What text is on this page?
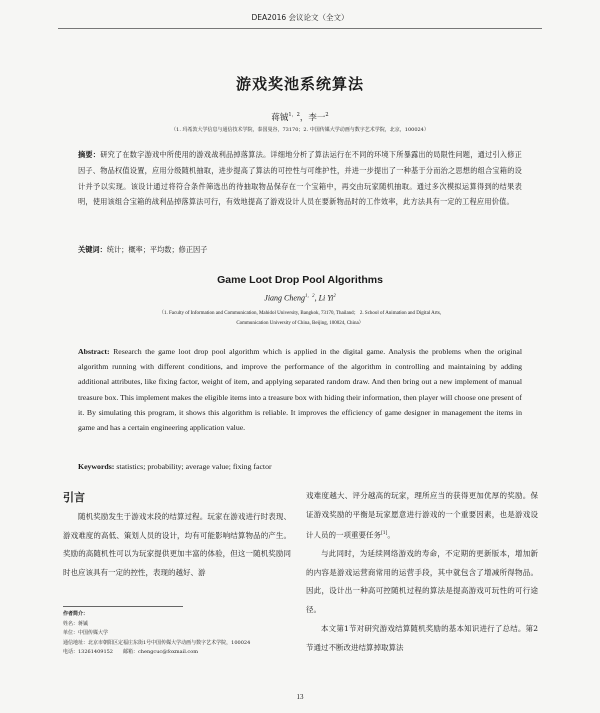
DEA2016 会议论文（全文）
游戏奖池系统算法
蒋铖$^{1,2}$，李一$^2$
（1. 玛希敦大学信息与通信技术学院，泰国曼谷，73170；2. 中国传媒大学动画与数字艺术学院，北京，100024）
摘要：研究了在数字游戏中所使用的游戏战利品掉落算法。详细地分析了算法运行在不同的环境下所暴露出的局限性问题，通过引入修正因子、物品权值设置，应用分级随机抽取，进步提高了算法的可控性与可维护性，并进一步提出了一种基于分而治之思想的组合宝箱的设计并予以实现。该设计通过将符合条件筛选出的待抽取物品保存在一个宝箱中，再交由玩家随机抽取。通过多次模拟运算得到的结果表明，使用该组合宝箱的战利品掉落算法可行，有效地提高了游戏设计人员在要新物品时的工作效率，此方法具有一定的工程应用价值。
关键词：统计；概率；平均数；修正因子
Game Loot Drop Pool Algorithms
Jiang Cheng$^{1,2}$, Li Yi$^2$
（1. Faculty of Information and Communication, Mahidol University, Bangkok, 73170, Thailand； 2. School of Animation and Digital Arts,
Communication University of China, Beijing, 100024, China）
Abstract: Research the game loot drop pool algorithm which is applied in the digital game. Analysis the problems when the original algorithm running with different conditions, and improve the performance of the algorithm in controlling and maintaining by adding additional attributes, like fixing factor, weight of item, and applying separated random draw. And then bring out a new implement of manual treasure box. This implement makes the eligible items into a treasure box with hiding their information, then player will choose one present of it. By simulating this program, it shows this algorithm is reliable. It improves the efficiency of game designer in management the items in game and has a certain engineering application value.
Keywords: statistics; probability; average value; fixing factor
引言

随机奖励发生于游戏末段的结算过程。玩家在游戏进行时表现、游戏难度的高低、策划人员的设计，均有可能影响结算物品的产生。奖励的高随机性可以为玩家提供更加丰富的体验，但这一随机奖励同时也应该具有一定的控性，表现的越好、游

戏难度越大、评分越高的玩家，理所应当的获得更加优厚的奖励。保证游戏奖励的平衡是玩家愿意进行游戏的一个重要因素，也是游戏设计人员的一项重要任务[1]。

与此同时，为延续网络游戏的寿命，不定期的更新版本，增加新的内容是游戏运营商常用的运营手段，其中就包含了增减所得物品。因此，设计出一种高可控随机过程的算法是提高游戏可玩性的可行途径。

本文第1节对研究游戏结算随机奖励的基本知识进行了总结。第2节通过不断改进结算掉取算法

作者简介：
姓名：蒋铖
单位：中国传媒大学
通信地址：北京市朝阳区定福庄东街1号中国传媒大学动画与数字艺术学院，100024
电话：13261409152　　邮箱：chengcuc@foxmail.com
13
